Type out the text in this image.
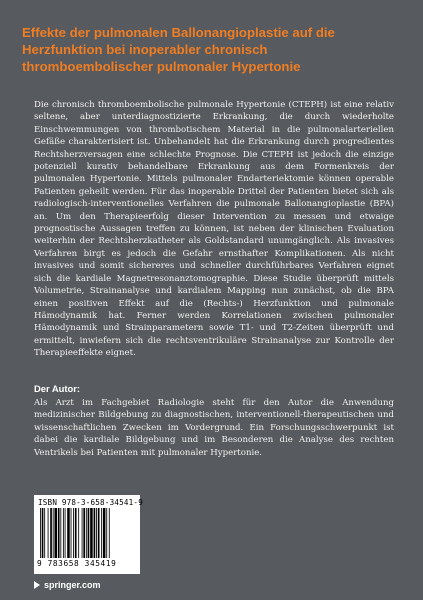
Effekte der pulmonalen Ballonangioplastie auf die Herzfunktion bei inoperabler chronisch thromboembolischer pulmonaler Hypertonie

Die chronisch thromboembolische pulmonale Hypertonie (CTEPH) ist eine relativ seltene, aber unterdiagnostizierte Erkrankung, die durch wiederholte Einschwemmungen von thrombotischem Material in die pulmonalarteriellen Gefäße charakterisiert ist. Unbehandelt hat die Erkrankung durch progredientes Rechtsherzversagen eine schlechte Prognose. Die CTEPH ist jedoch die einzige potenziell kurativ behandelbare Erkrankung aus dem Formenkreis der pulmonalen Hypertonie. Mittels pulmonaler Endarteriektomie können operable Patienten geheilt werden. Für das inoperable Drittel der Patienten bietet sich als radiologisch-interventionelles Verfahren die pulmonale Ballonangioplastie (BPA) an. Um den Therapieerfolg dieser Intervention zu messen und etwaige prognostische Aussagen treffen zu können, ist neben der klinischen Evaluation weiterhin der Rechtsherzkatheter als Goldstandard unumgänglich. Als invasives Verfahren birgt es jedoch die Gefahr ernsthafter Komplikationen. Als nicht invasives und somit sichereres und schneller durchführbares Verfahren eignet sich die kardiale Magnetresonanztomographie. Diese Studie überprüft mittels Volumetrie, Strainanalyse und kardialem Mapping nun zunächst, ob die BPA einen positiven Effekt auf die (Rechts-) Herzfunktion und pulmonale Hämodynamik hat. Ferner werden Korrelationen zwischen pulmonaler Hämodynamik und Strainparametern sowie T1- und T2-Zeiten überprüft und ermittelt, inwiefern sich die rechtsventrikuläre Strainanalyse zur Kontrolle der Therapieeffekte eignet.

Der Autor:

Als Arzt im Fachgebiet Radiologie steht für den Autor die Anwendung medizinischer Bildgebung zu diagnostischen, interventionell-therapeutischen und wissenschaftlichen Zwecken im Vordergrund. Ein Forschungsschwerpunkt ist dabei die kardiale Bildgebung und im Besonderen die Analyse des rechten Ventrikels bei Patienten mit pulmonaler Hypertonie.

ISBN 978-3-658-34541-9
9 783658 345419
springer.com
